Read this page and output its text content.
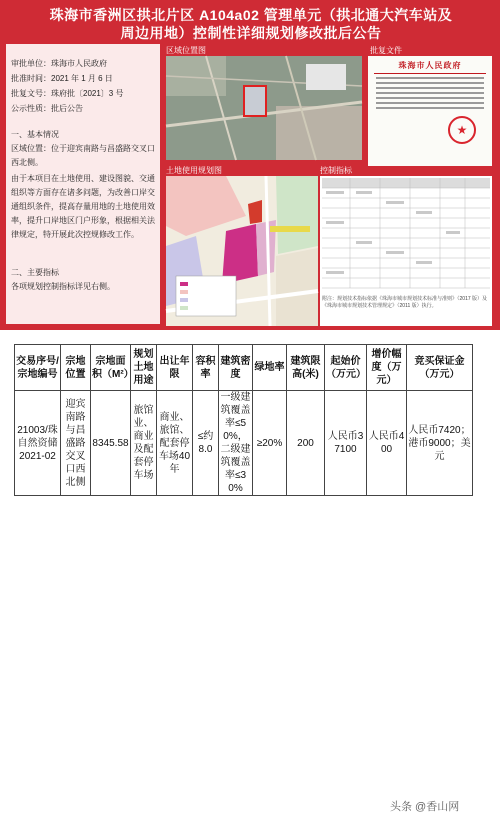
珠海市香洲区拱北片区 A104a02 管理单元（拱北通大汽车站及
周边用地）控制性详细规划修改批后公告
审批单位：珠海市人民政府
批准时间：2021 年 1 月 6 日
批复文号：珠府批〔2021〕3 号
公示性质：批后公告
一、基本情况

区域位置：位于迎宾南路与昌盛路交叉口西北侧。

由于本项目在土地使用、建设图貌、交通组织等方面存在诸多问题，为改善口岸交通组织条件，提高存量用地的土地使用效率，提升口岸地区门户形象，根据相关法律规定，特开展此次控规修改工作。

二、主要指标

各项规划控制指标详见右侧。

区域位置图	批复文件
珠海市人民政府
★
土地使用规划图	控制指标
附注：规划技术指标依据《珠海市城市规划技术标准与准则》（2017 版）及《珠海市城市规划技术管理规定》（2011 版）执行。
◎Love珠海
交易序号/宗地编号	宗地位置	宗地面积（M²）	规划土地用途	出让年限	容积率	建筑密度	绿地率	建筑限高(米)	起始价（万元）	增价幅度（万元）	竞买保证金（万元）
21003/珠自然资储2021-02	迎宾南路与昌盛路交叉口西北侧	8345.58	旅馆业、商业及配套停车场	商业、旅馆、配套停车场40年	≤约8.0	一级建筑覆盖率≤50%，二级建筑覆盖率≤30%	≥20%	200	人民币37100	人民币400	人民币7420；港币9000；美元
头条 @香山网
